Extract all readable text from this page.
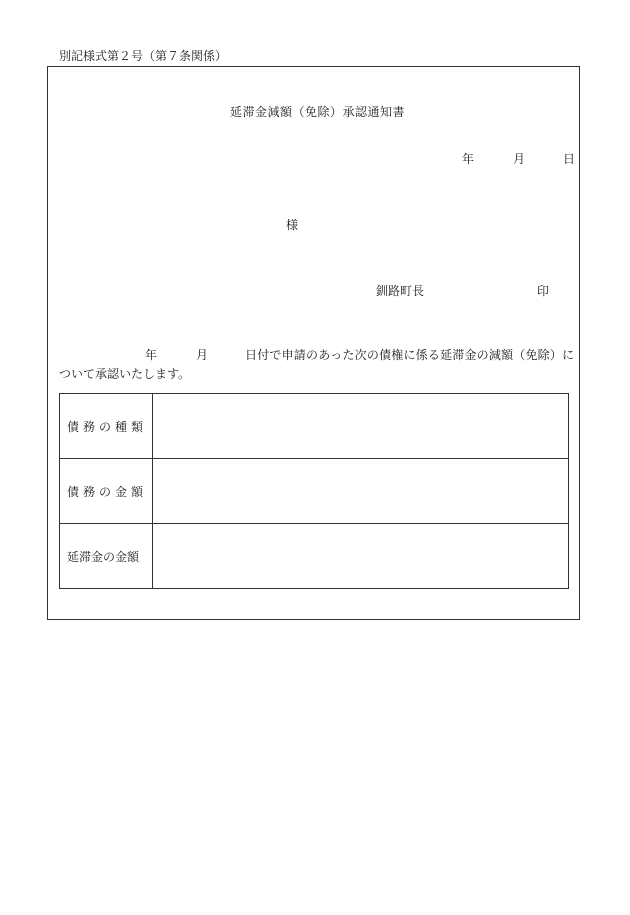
別記様式第２号（第７条関係）
延滞金減額（免除）承認通知書
年	月	日
様
釧路町長	印
年	月	日付で申請のあった次の債権に係る延滞金の減額（免除）に
ついて承認いたします。
債務の種類	
債務の金額	
延滞金の金額	
